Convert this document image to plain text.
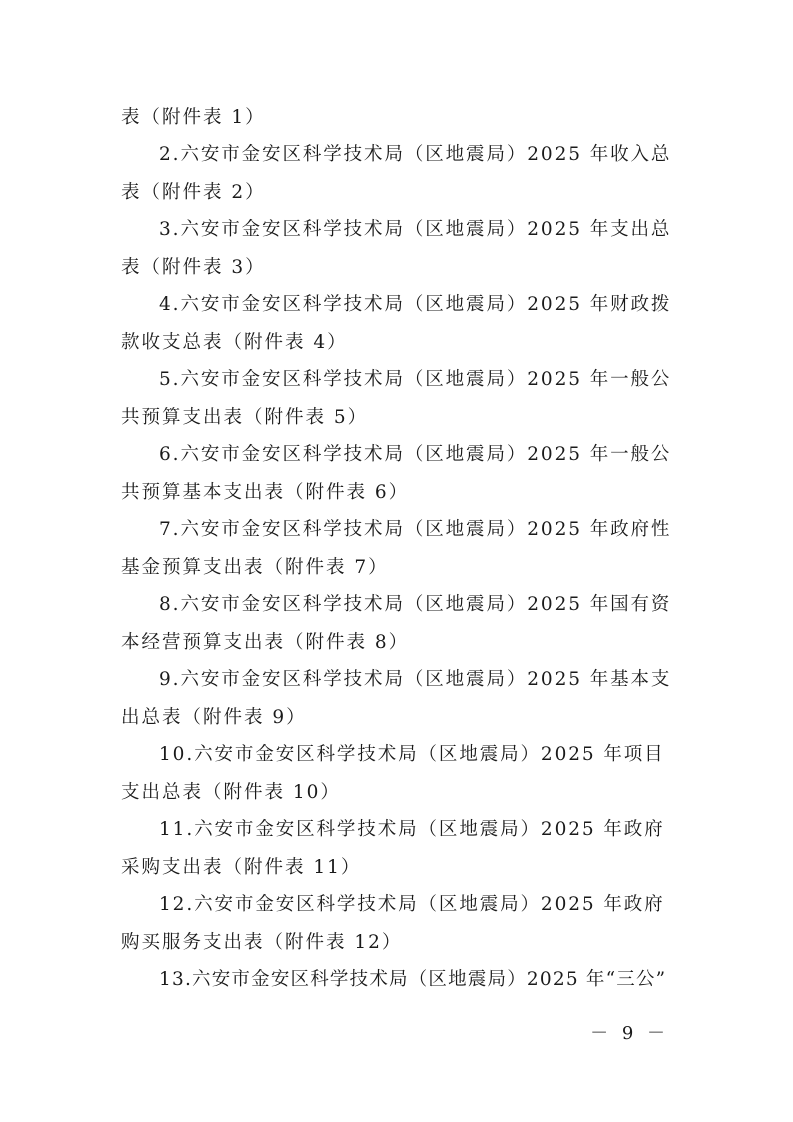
表（附件表 1）
2.六安市金安区科学技术局（区地震局）2025 年收入总
表（附件表 2）
3.六安市金安区科学技术局（区地震局）2025 年支出总
表（附件表 3）
4.六安市金安区科学技术局（区地震局）2025 年财政拨
款收支总表（附件表 4）
5.六安市金安区科学技术局（区地震局）2025 年一般公
共预算支出表（附件表 5）
6.六安市金安区科学技术局（区地震局）2025 年一般公
共预算基本支出表（附件表 6）
7.六安市金安区科学技术局（区地震局）2025 年政府性
基金预算支出表（附件表 7）
8.六安市金安区科学技术局（区地震局）2025 年国有资
本经营预算支出表（附件表 8）
9.六安市金安区科学技术局（区地震局）2025 年基本支
出总表（附件表 9）
10.六安市金安区科学技术局（区地震局）2025 年项目
支出总表（附件表 10）
11.六安市金安区科学技术局（区地震局）2025 年政府
采购支出表（附件表 11）
12.六安市金安区科学技术局（区地震局）2025 年政府
购买服务支出表（附件表 12）
13.六安市金安区科学技术局（区地震局）2025 年“三公”
－ 9 －
